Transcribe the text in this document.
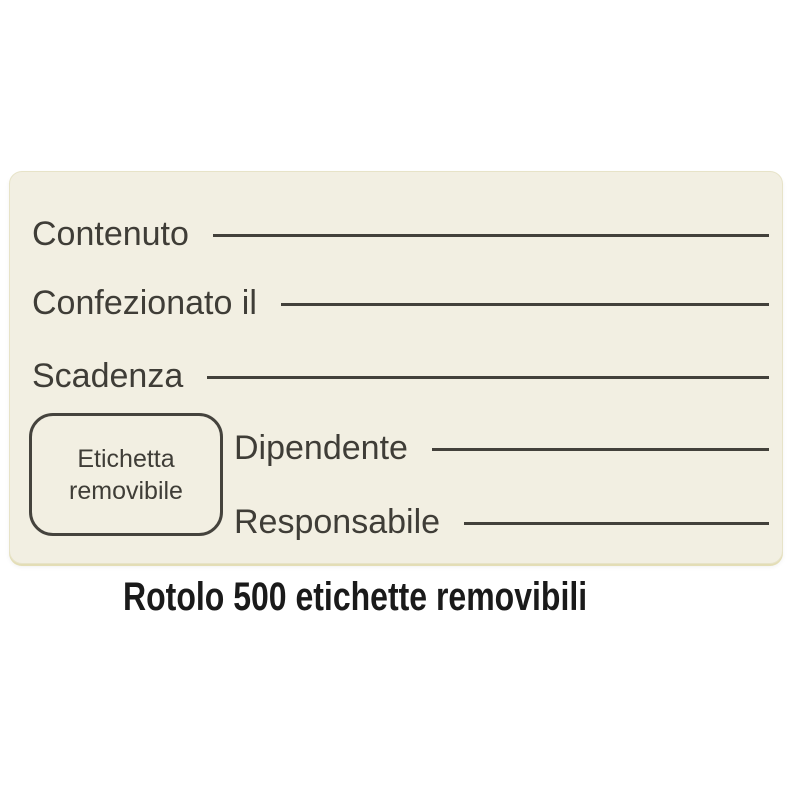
Contenuto
Confezionato il
Scadenza
Etichetta
removibile
Dipendente
Responsabile
Rotolo 500 etichette removibili
